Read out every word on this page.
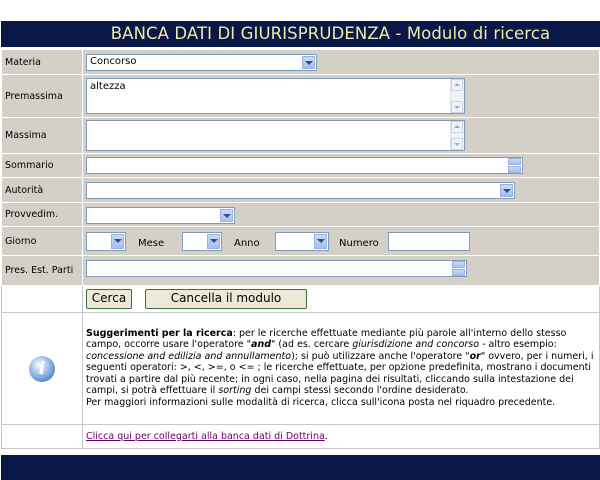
BANCA DATI DI GIURISPRUDENZA - Modulo di ricerca
Materia	Concorso

Premassima	altezza

Massima	

Sommario	

Autorità	

Provvedim.	

Giorno	Mese Anno Numero

Pres. Est. Parti	

	Cerca Cancella il modulo

i	Suggerimenti per la ricerca: per le ricerche effettuate mediante più parole all'interno dello stesso campo, occorre usare l'operatore "and" (ad es. cercare giurisdizione and concorso - altro esempio: concessione and edilizia and annullamento); si può utilizzare anche l'operatore "or" ovvero, per i numeri, i seguenti operatori: >, <, >=, o <= ; le ricerche effettuate, per opzione predefinita, mostrano i documenti trovati a partire dal più recente; in ogni caso, nella pagina dei risultati, cliccando sulla intestazione dei campi, si potrà effettuare il sorting dei campi stessi secondo l'ordine desiderato.
Per maggiori informazioni sulle modalità di ricerca, clicca sull'icona posta nel riquadro precedente.
	Clicca qui per collegarti alla banca dati di Dottrina.
